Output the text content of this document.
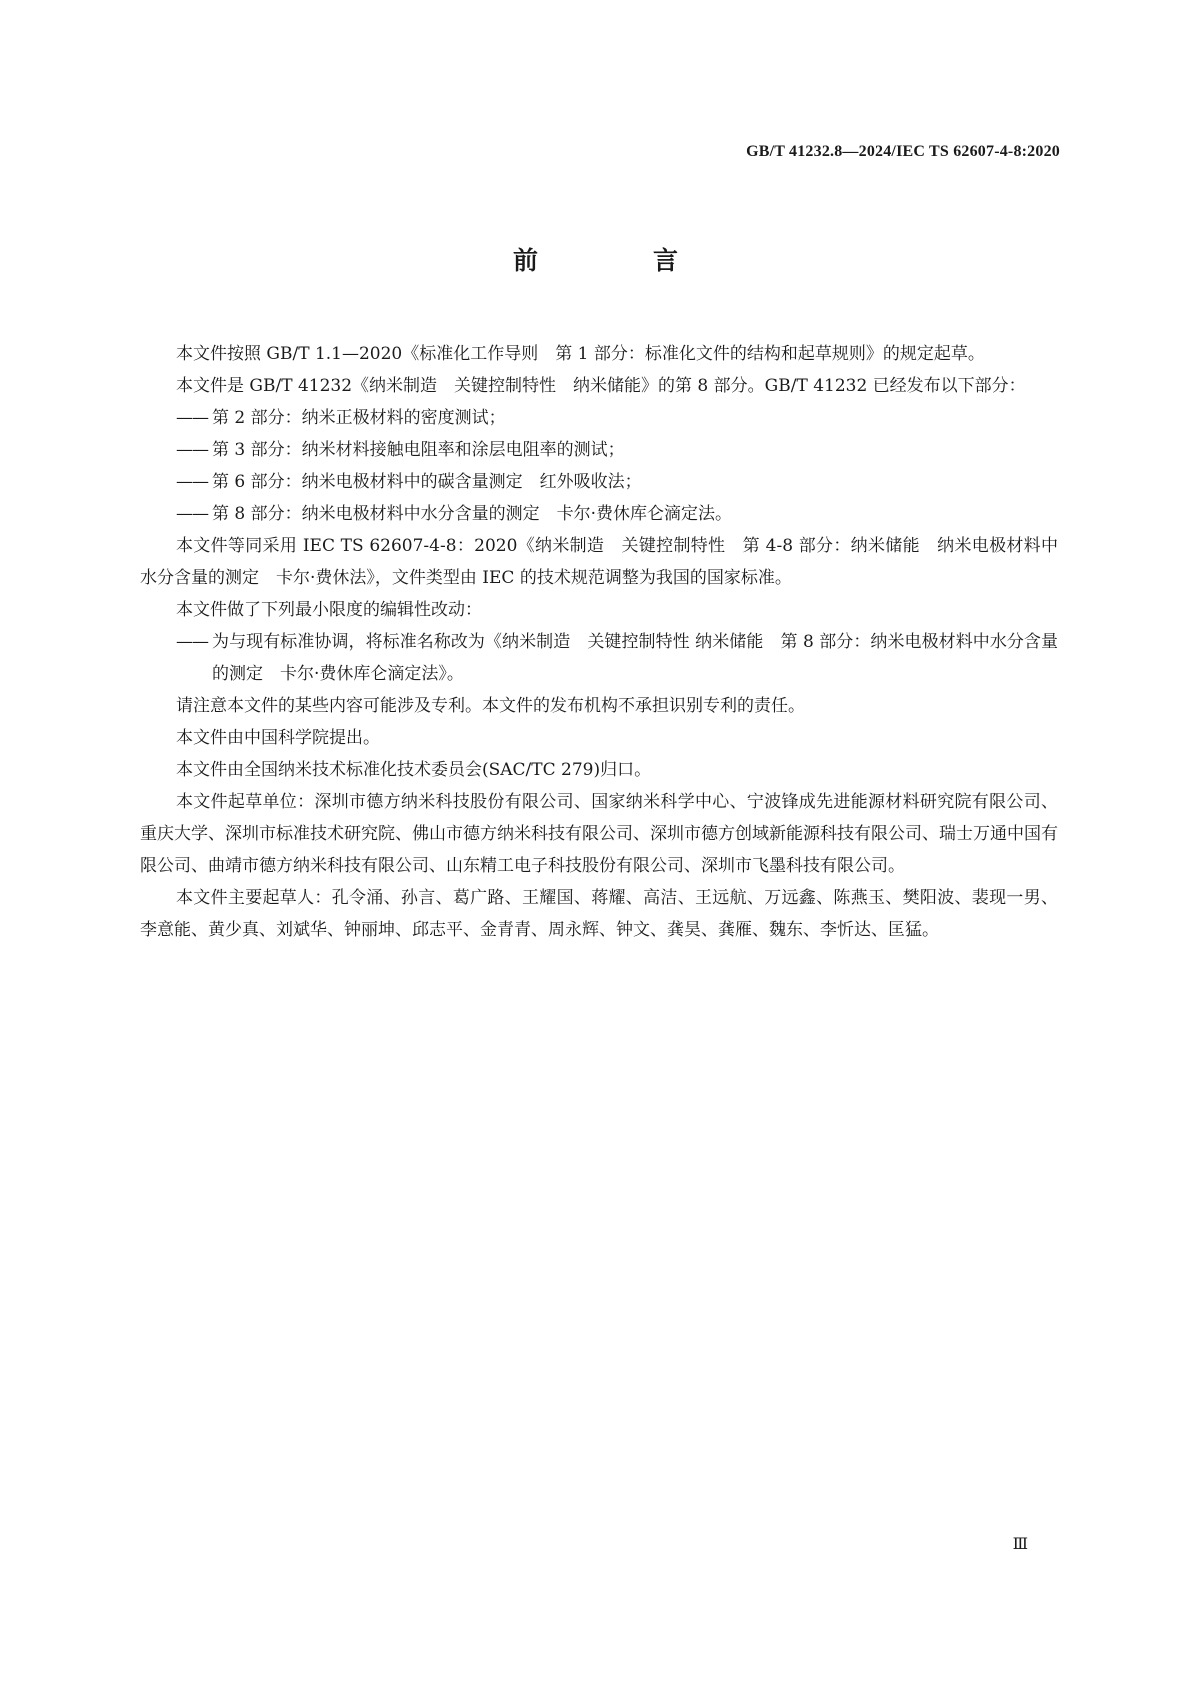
GB/T 41232.8—2024/IEC TS 62607-4-8:2020
前　言

本文件按照 GB/T 1.1—2020《标准化工作导则　第 1 部分：标准化文件的结构和起草规则》的规定起草。

本文件是 GB/T 41232《纳米制造　关键控制特性　纳米储能》的第 8 部分。GB/T 41232 已经发布以下部分：

—— 第 2 部分：纳米正极材料的密度测试；

—— 第 3 部分：纳米材料接触电阻率和涂层电阻率的测试；

—— 第 6 部分：纳米电极材料中的碳含量测定　红外吸收法；

—— 第 8 部分：纳米电极材料中水分含量的测定　卡尔·费休库仑滴定法。

本文件等同采用 IEC TS 62607-4-8：2020《纳米制造　关键控制特性　第 4-8 部分：纳米储能　纳米电极材料中水分含量的测定　卡尔·费休法》，文件类型由 IEC 的技术规范调整为我国的国家标准。

本文件做了下列最小限度的编辑性改动：

—— 为与现有标准协调，将标准名称改为《纳米制造　关键控制特性 纳米储能　第 8 部分：纳米电极材料中水分含量的测定　卡尔·费休库仑滴定法》。

请注意本文件的某些内容可能涉及专利。本文件的发布机构不承担识别专利的责任。

本文件由中国科学院提出。

本文件由全国纳米技术标准化技术委员会(SAC/TC 279)归口。

本文件起草单位：深圳市德方纳米科技股份有限公司、国家纳米科学中心、宁波锋成先进能源材料研究院有限公司、重庆大学、深圳市标准技术研究院、佛山市德方纳米科技有限公司、深圳市德方创域新能源科技有限公司、瑞士万通中国有限公司、曲靖市德方纳米科技有限公司、山东精工电子科技股份有限公司、深圳市飞墨科技有限公司。

本文件主要起草人：孔令涌、孙言、葛广路、王耀国、蒋耀、高洁、王远航、万远鑫、陈燕玉、樊阳波、裴现一男、李意能、黄少真、刘斌华、钟丽坤、邱志平、金青青、周永辉、钟文、龚昊、龚雁、魏东、李忻达、匡猛。

Ⅲ
